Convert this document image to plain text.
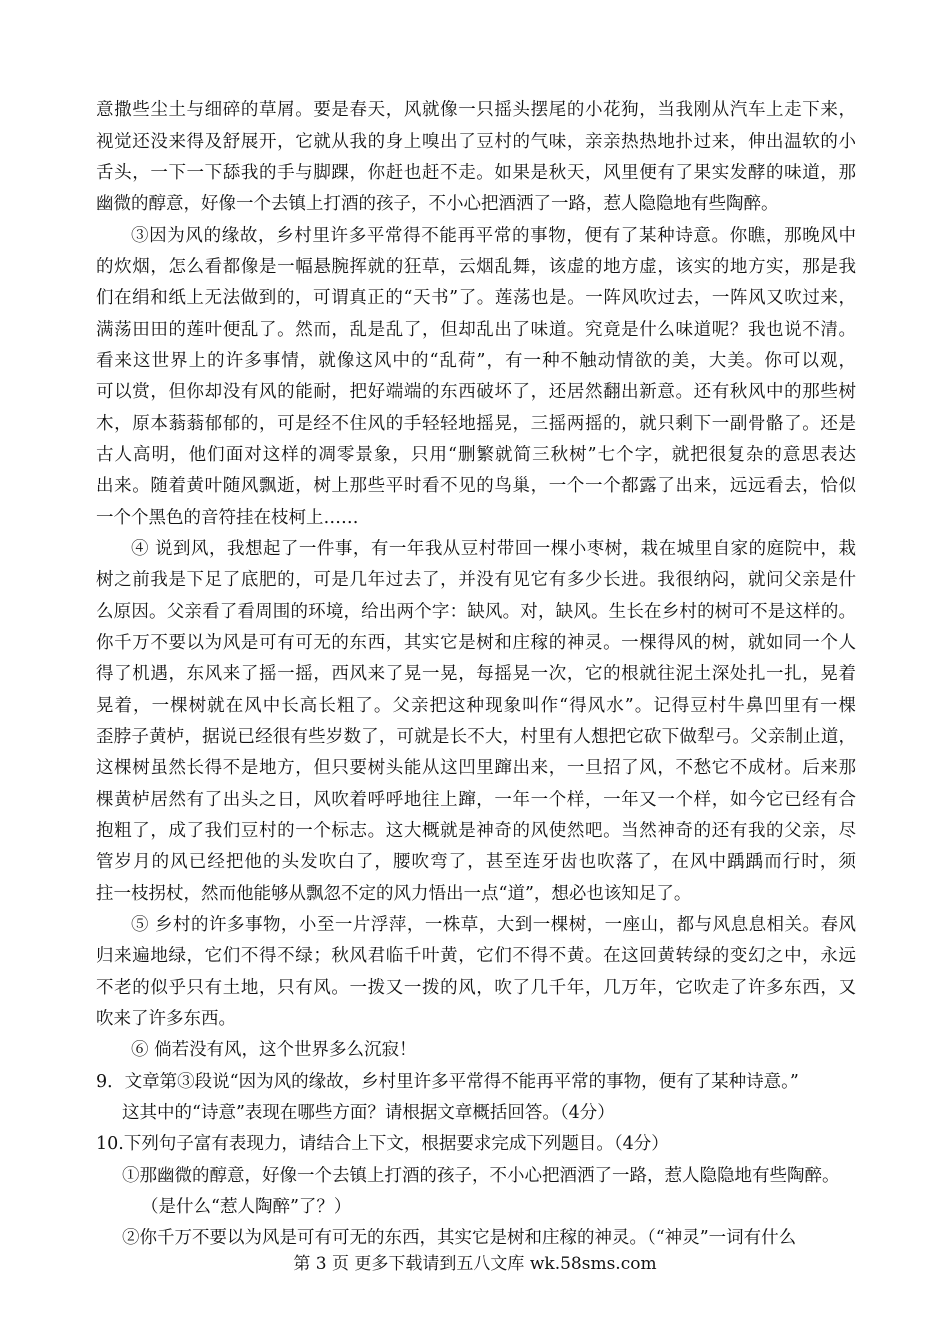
意撒些尘土与细碎的草屑。要是春天，风就像一只摇头摆尾的小花狗，当我刚从汽车上走下来，
视觉还没来得及舒展开，它就从我的身上嗅出了豆村的气味，亲亲热热地扑过来，伸出温软的小
舌头，一下一下舔我的手与脚踝，你赶也赶不走。如果是秋天，风里便有了果实发酵的味道，那
幽微的醇意，好像一个去镇上打酒的孩子，不小心把酒洒了一路，惹人隐隐地有些陶醉。
③因为风的缘故，乡村里许多平常得不能再平常的事物，便有了某种诗意。你瞧，那晚风中
的炊烟，怎么看都像是一幅悬腕挥就的狂草，云烟乱舞，该虚的地方虚，该实的地方实，那是我
们在绢和纸上无法做到的，可谓真正的“天书”了。莲荡也是。一阵风吹过去，一阵风又吹过来，
满荡田田的莲叶便乱了。然而，乱是乱了，但却乱出了味道。究竟是什么味道呢？我也说不清。
看来这世界上的许多事情，就像这风中的“乱荷”，有一种不触动情欲的美，大美。你可以观，
可以赏，但你却没有风的能耐，把好端端的东西破坏了，还居然翻出新意。还有秋风中的那些树
木，原本蓊蓊郁郁的，可是经不住风的手轻轻地摇晃，三摇两摇的，就只剩下一副骨骼了。还是
古人高明，他们面对这样的凋零景象，只用“删繁就简三秋树”七个字，就把很复杂的意思表达
出来。随着黄叶随风飘逝，树上那些平时看不见的鸟巢，一个一个都露了出来，远远看去，恰似
一个个黑色的音符挂在枝柯上……
④ 说到风，我想起了一件事，有一年我从豆村带回一棵小枣树，栽在城里自家的庭院中，栽
树之前我是下足了底肥的，可是几年过去了，并没有见它有多少长进。我很纳闷，就问父亲是什
么原因。父亲看了看周围的环境，给出两个字：缺风。对，缺风。生长在乡村的树可不是这样的。
你千万不要以为风是可有可无的东西，其实它是树和庄稼的神灵。一棵得风的树，就如同一个人
得了机遇，东风来了摇一摇，西风来了晃一晃，每摇晃一次，它的根就往泥土深处扎一扎，晃着
晃着，一棵树就在风中长高长粗了。父亲把这种现象叫作“得风水”。记得豆村牛鼻凹里有一棵
歪脖子黄栌，据说已经很有些岁数了，可就是长不大，村里有人想把它砍下做犁弓。父亲制止道，
这棵树虽然长得不是地方，但只要树头能从这凹里蹿出来，一旦招了风，不愁它不成材。后来那
棵黄栌居然有了出头之日，风吹着呼呼地往上蹿，一年一个样，一年又一个样，如今它已经有合
抱粗了，成了我们豆村的一个标志。这大概就是神奇的风使然吧。当然神奇的还有我的父亲，尽
管岁月的风已经把他的头发吹白了，腰吹弯了，甚至连牙齿也吹落了，在风中踽踽而行时，须
拄一枝拐杖，然而他能够从飘忽不定的风力悟出一点“道”，想必也该知足了。
⑤ 乡村的许多事物，小至一片浮萍，一株草，大到一棵树，一座山，都与风息息相关。春风
归来遍地绿，它们不得不绿；秋风君临千叶黄，它们不得不黄。在这回黄转绿的变幻之中，永远
不老的似乎只有土地，只有风。一拨又一拨的风，吹了几千年，几万年，它吹走了许多东西，又
吹来了许多东西。
⑥ 倘若没有风，这个世界多么沉寂！
9．文章第③段说“因为风的缘故，乡村里许多平常得不能再平常的事物，便有了某种诗意。”
这其中的“诗意”表现在哪些方面？请根据文章概括回答。（4分）
10.下列句子富有表现力，请结合上下文，根据要求完成下列题目。（4分）
①那幽微的醇意，好像一个去镇上打酒的孩子，不小心把酒洒了一路，惹人隐隐地有些陶醉。
（是什么“惹人陶醉”了？）
②你千万不要以为风是可有可无的东西，其实它是树和庄稼的神灵。（“神灵”一词有什么
第 3 页 更多下载请到五八文库 wk.58sms.com
